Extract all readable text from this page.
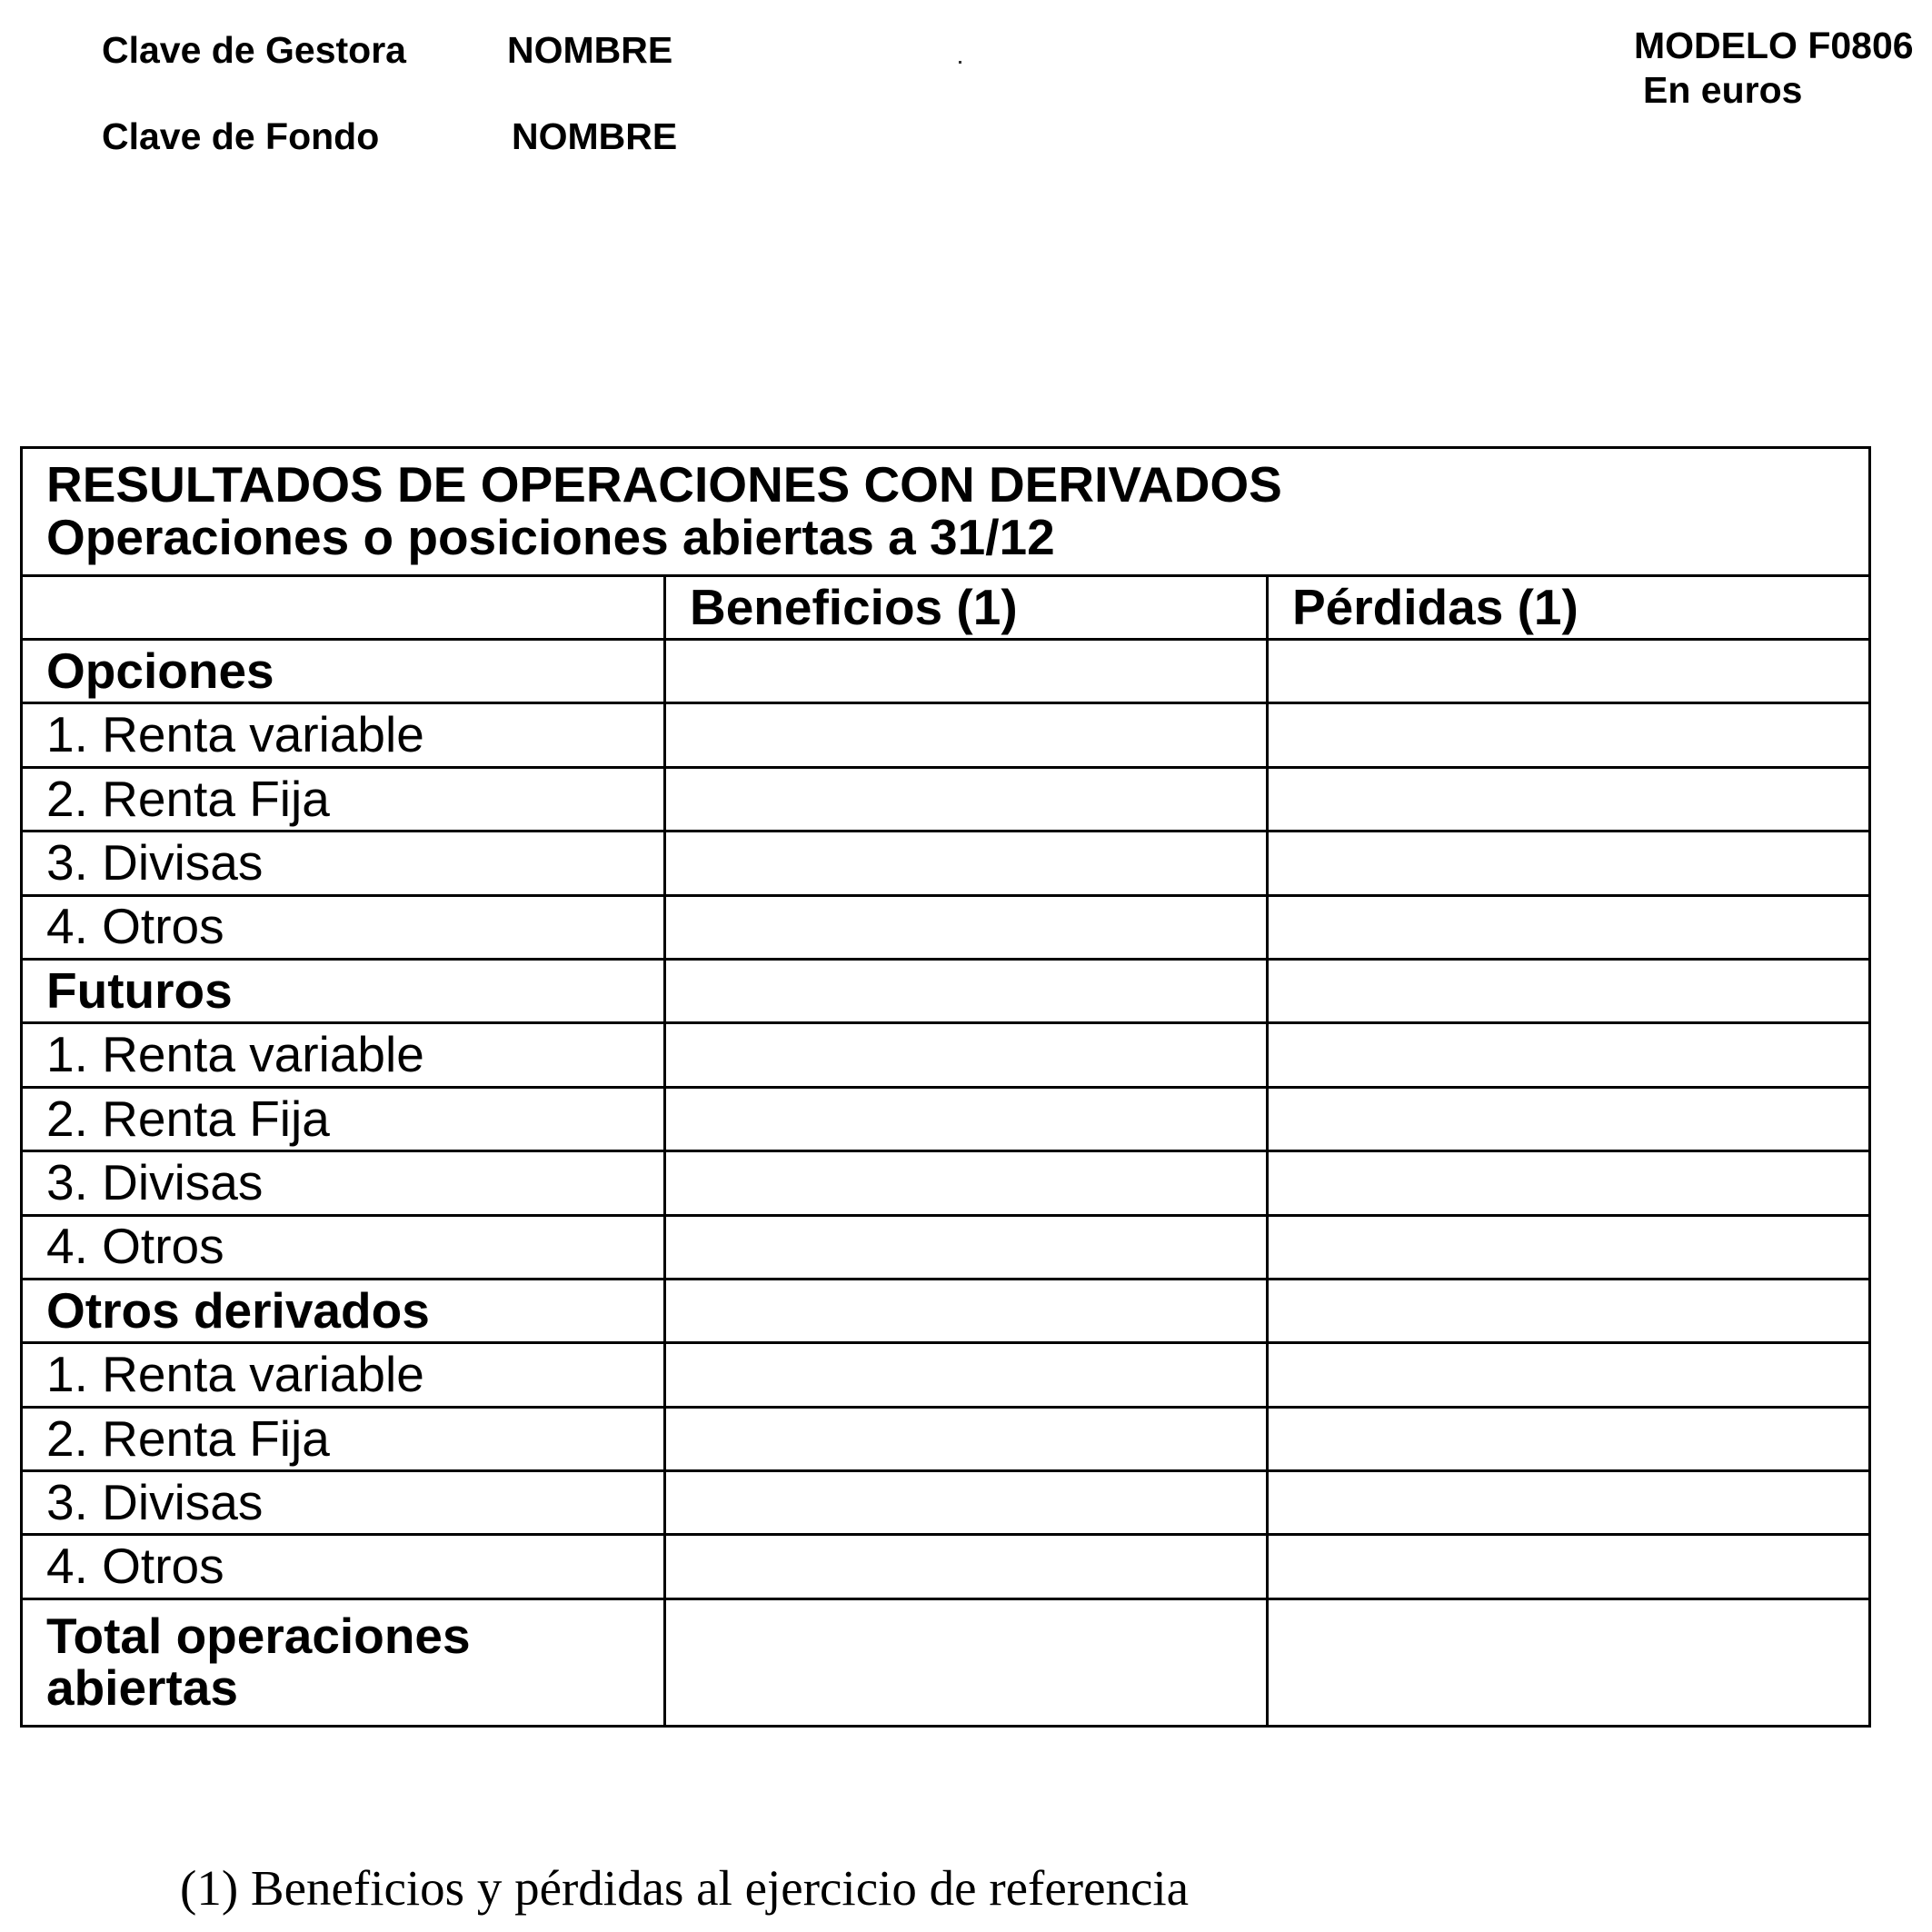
Clave de Gestora	NOMBRE
Clave de Fondo	NOMBRE
MODELO F0806
En euros
RESULTADOS DE OPERACIONES CON DERIVADOS
Operaciones o posiciones abiertas a 31/12		

	Beneficios (1)	Pérdidas (1)
Opciones		
1. Renta variable		
2. Renta Fija		
3. Divisas		
4. Otros		
Futuros		
1. Renta variable		
2. Renta Fija		
3. Divisas		
4. Otros		
Otros derivados		
1. Renta variable		
2. Renta Fija		
3. Divisas		
4. Otros		

Total operaciones
abiertas		

(1) Beneficios y pérdidas al ejercicio de referencia
